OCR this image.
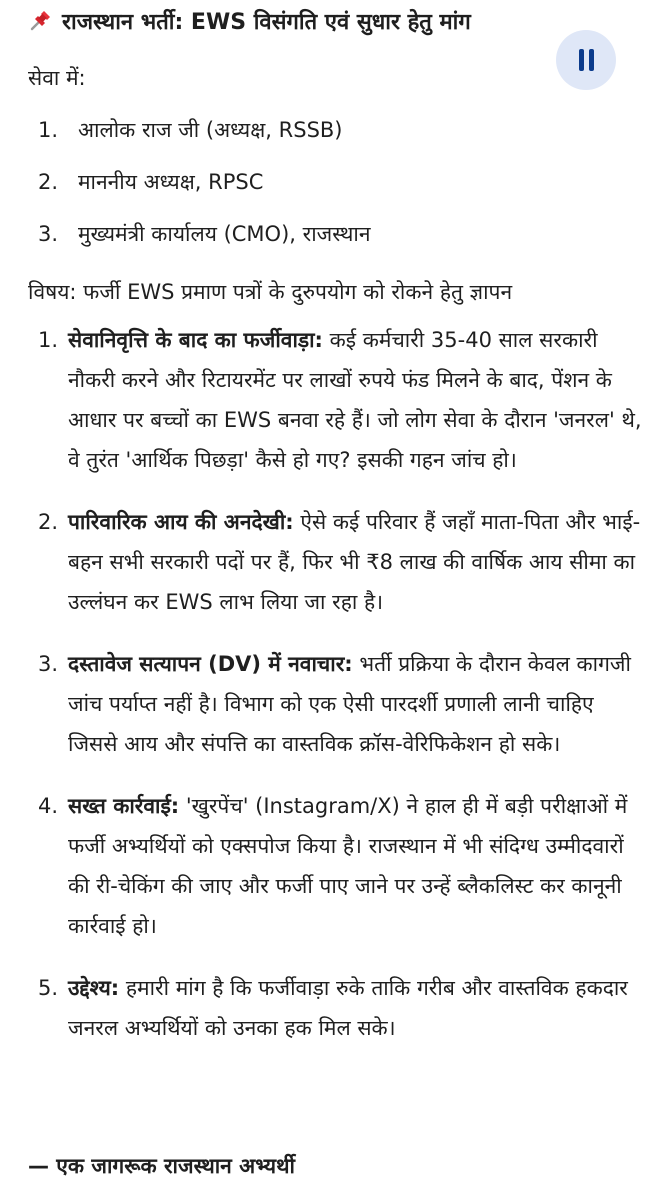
राजस्थान भर्ती: EWS विसंगति एवं सुधार हेतु मांग
सेवा में:
1. आलोक राज जी (अध्यक्ष, RSSB)
2. माननीय अध्यक्ष, RPSC
3. मुख्यमंत्री कार्यालय (CMO), राजस्थान
विषय: फर्जी EWS प्रमाण पत्रों के दुरुपयोग को रोकने हेतु ज्ञापन
1. सेवानिवृत्ति के बाद का फर्जीवाड़ा: कई कर्मचारी 35-40 साल सरकारी नौकरी करने और रिटायरमेंट पर लाखों रुपये फंड मिलने के बाद, पेंशन के आधार पर बच्चों का EWS बनवा रहे हैं। जो लोग सेवा के दौरान 'जनरल' थे, वे तुरंत 'आर्थिक पिछड़ा' कैसे हो गए? इसकी गहन जांच हो।
2. पारिवारिक आय की अनदेखी: ऐसे कई परिवार हैं जहाँ माता-पिता और भाई-बहन सभी सरकारी पदों पर हैं, फिर भी ₹8 लाख की वार्षिक आय सीमा का उल्लंघन कर EWS लाभ लिया जा रहा है।
3. दस्तावेज सत्यापन (DV) में नवाचार: भर्ती प्रक्रिया के दौरान केवल कागजी जांच पर्याप्त नहीं है। विभाग को एक ऐसी पारदर्शी प्रणाली लानी चाहिए जिससे आय और संपत्ति का वास्तविक क्रॉस-वेरिफिकेशन हो सके।
4. सख्त कार्रवाई: 'खुरपेंच' (Instagram/X) ने हाल ही में बड़ी परीक्षाओं में फर्जी अभ्यर्थियों को एक्सपोज किया है। राजस्थान में भी संदिग्ध उम्मीदवारों की री-चेकिंग की जाए और फर्जी पाए जाने पर उन्हें ब्लैकलिस्ट कर कानूनी कार्रवाई हो।
5. उद्देश्य: हमारी मांग है कि फर्जीवाड़ा रुके ताकि गरीब और वास्तविक हकदार जनरल अभ्यर्थियों को उनका हक मिल सके।
— एक जागरूक राजस्थान अभ्यर्थी
